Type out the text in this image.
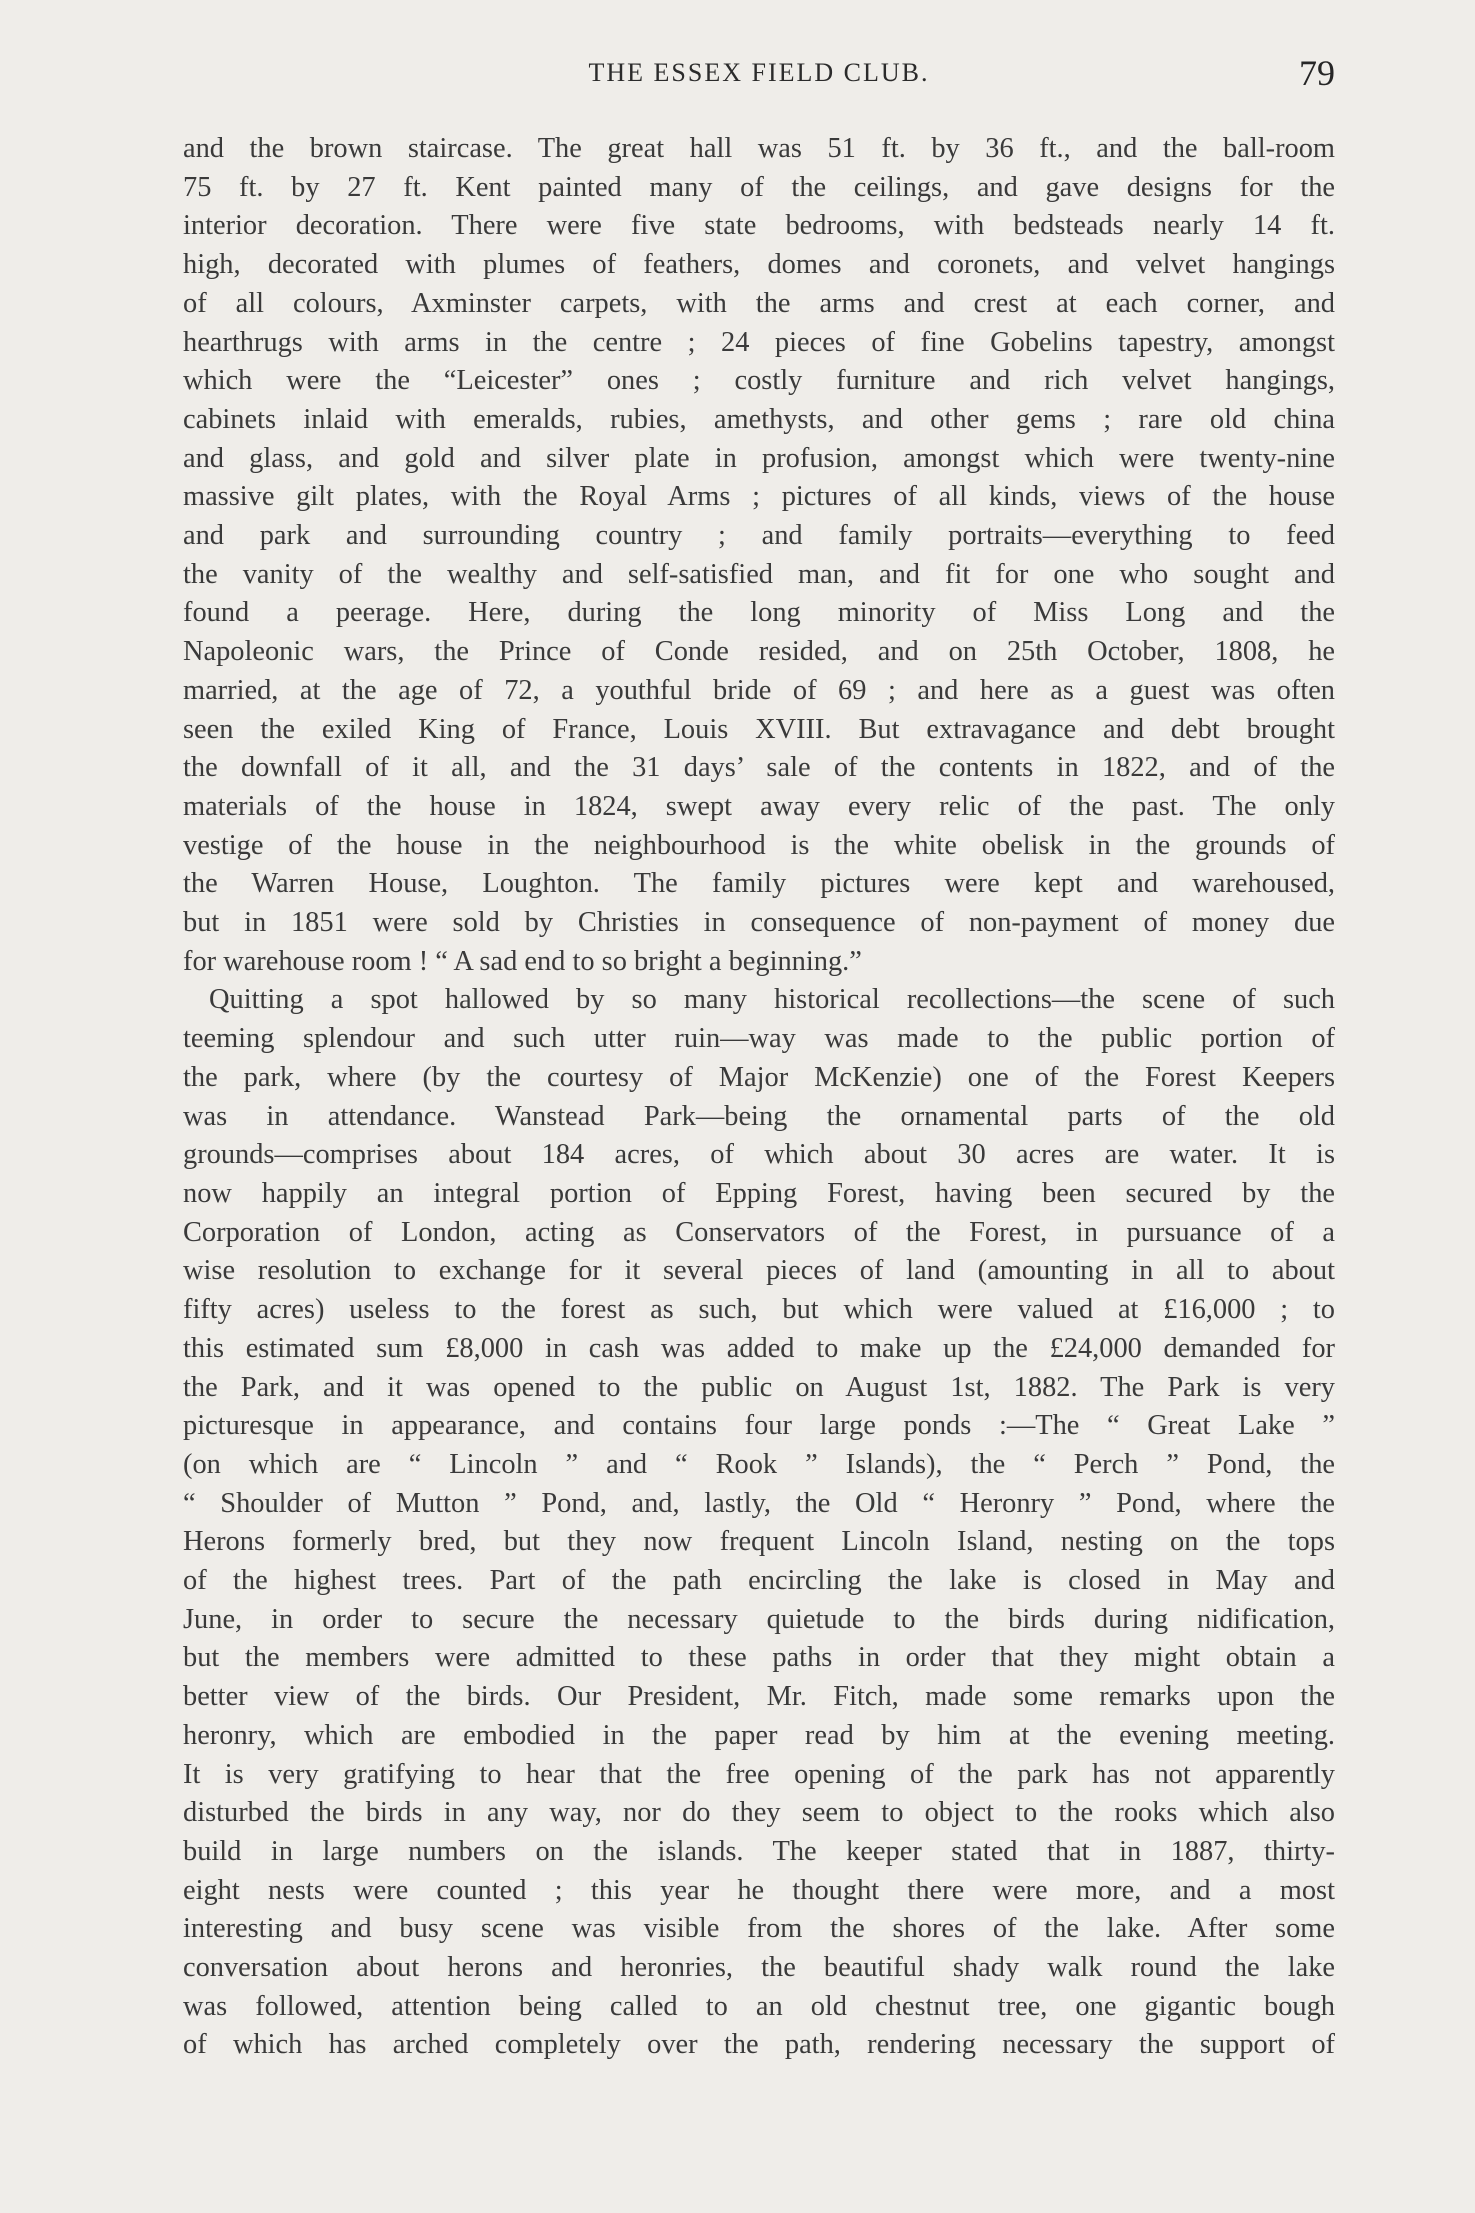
THE ESSEX FIELD CLUB.	79

and the brown staircase. The great hall was 51 ft. by 36 ft., and the ball-room

75 ft. by 27 ft. Kent painted many of the ceilings, and gave designs for the

interior decoration. There were five state bedrooms, with bedsteads nearly 14 ft.

high, decorated with plumes of feathers, domes and coronets, and velvet hangings

of all colours, Axminster carpets, with the arms and crest at each corner, and

hearthrugs with arms in the centre ; 24 pieces of fine Gobelins tapestry, amongst

which were the “Leicester” ones ; costly furniture and rich velvet hangings,

cabinets inlaid with emeralds, rubies, amethysts, and other gems ; rare old china

and glass, and gold and silver plate in profusion, amongst which were twenty-nine

massive gilt plates, with the Royal Arms ; pictures of all kinds, views of the house

and park and surrounding country ; and family portraits—everything to feed

the vanity of the wealthy and self-satisfied man, and fit for one who sought and

found a peerage. Here, during the long minority of Miss Long and the

Napoleonic wars, the Prince of Conde resided, and on 25th October, 1808, he

married, at the age of 72, a youthful bride of 69 ; and here as a guest was often

seen the exiled King of France, Louis XVIII. But extravagance and debt brought

the downfall of it all, and the 31 days’ sale of the contents in 1822, and of the

materials of the house in 1824, swept away every relic of the past. The only

vestige of the house in the neighbourhood is the white obelisk in the grounds of

the Warren House, Loughton. The family pictures were kept and warehoused,

but in 1851 were sold by Christies in consequence of non-payment of money due

for warehouse room ! “ A sad end to so bright a beginning.”

Quitting a spot hallowed by so many historical recollections—the scene of such

teeming splendour and such utter ruin—way was made to the public portion of

the park, where (by the courtesy of Major McKenzie) one of the Forest Keepers

was in attendance. Wanstead Park—being the ornamental parts of the old

grounds—comprises about 184 acres, of which about 30 acres are water. It is

now happily an integral portion of Epping Forest, having been secured by the

Corporation of London, acting as Conservators of the Forest, in pursuance of a

wise resolution to exchange for it several pieces of land (amounting in all to about

fifty acres) useless to the forest as such, but which were valued at £16,000 ; to

this estimated sum £8,000 in cash was added to make up the £24,000 demanded for

the Park, and it was opened to the public on August 1st, 1882. The Park is very

picturesque in appearance, and contains four large ponds :—The “ Great Lake ”

(on which are “ Lincoln ” and “ Rook ” Islands), the “ Perch ” Pond, the

“ Shoulder of Mutton ” Pond, and, lastly, the Old “ Heronry ” Pond, where the

Herons formerly bred, but they now frequent Lincoln Island, nesting on the tops

of the highest trees. Part of the path encircling the lake is closed in May and

June, in order to secure the necessary quietude to the birds during nidification,

but the members were admitted to these paths in order that they might obtain a

better view of the birds. Our President, Mr. Fitch, made some remarks upon the

heronry, which are embodied in the paper read by him at the evening meeting.

It is very gratifying to hear that the free opening of the park has not apparently

disturbed the birds in any way, nor do they seem to object to the rooks which also

build in large numbers on the islands. The keeper stated that in 1887, thirty-

eight nests were counted ; this year he thought there were more, and a most

interesting and busy scene was visible from the shores of the lake. After some

conversation about herons and heronries, the beautiful shady walk round the lake

was followed, attention being called to an old chestnut tree, one gigantic bough

of which has arched completely over the path, rendering necessary the support of
